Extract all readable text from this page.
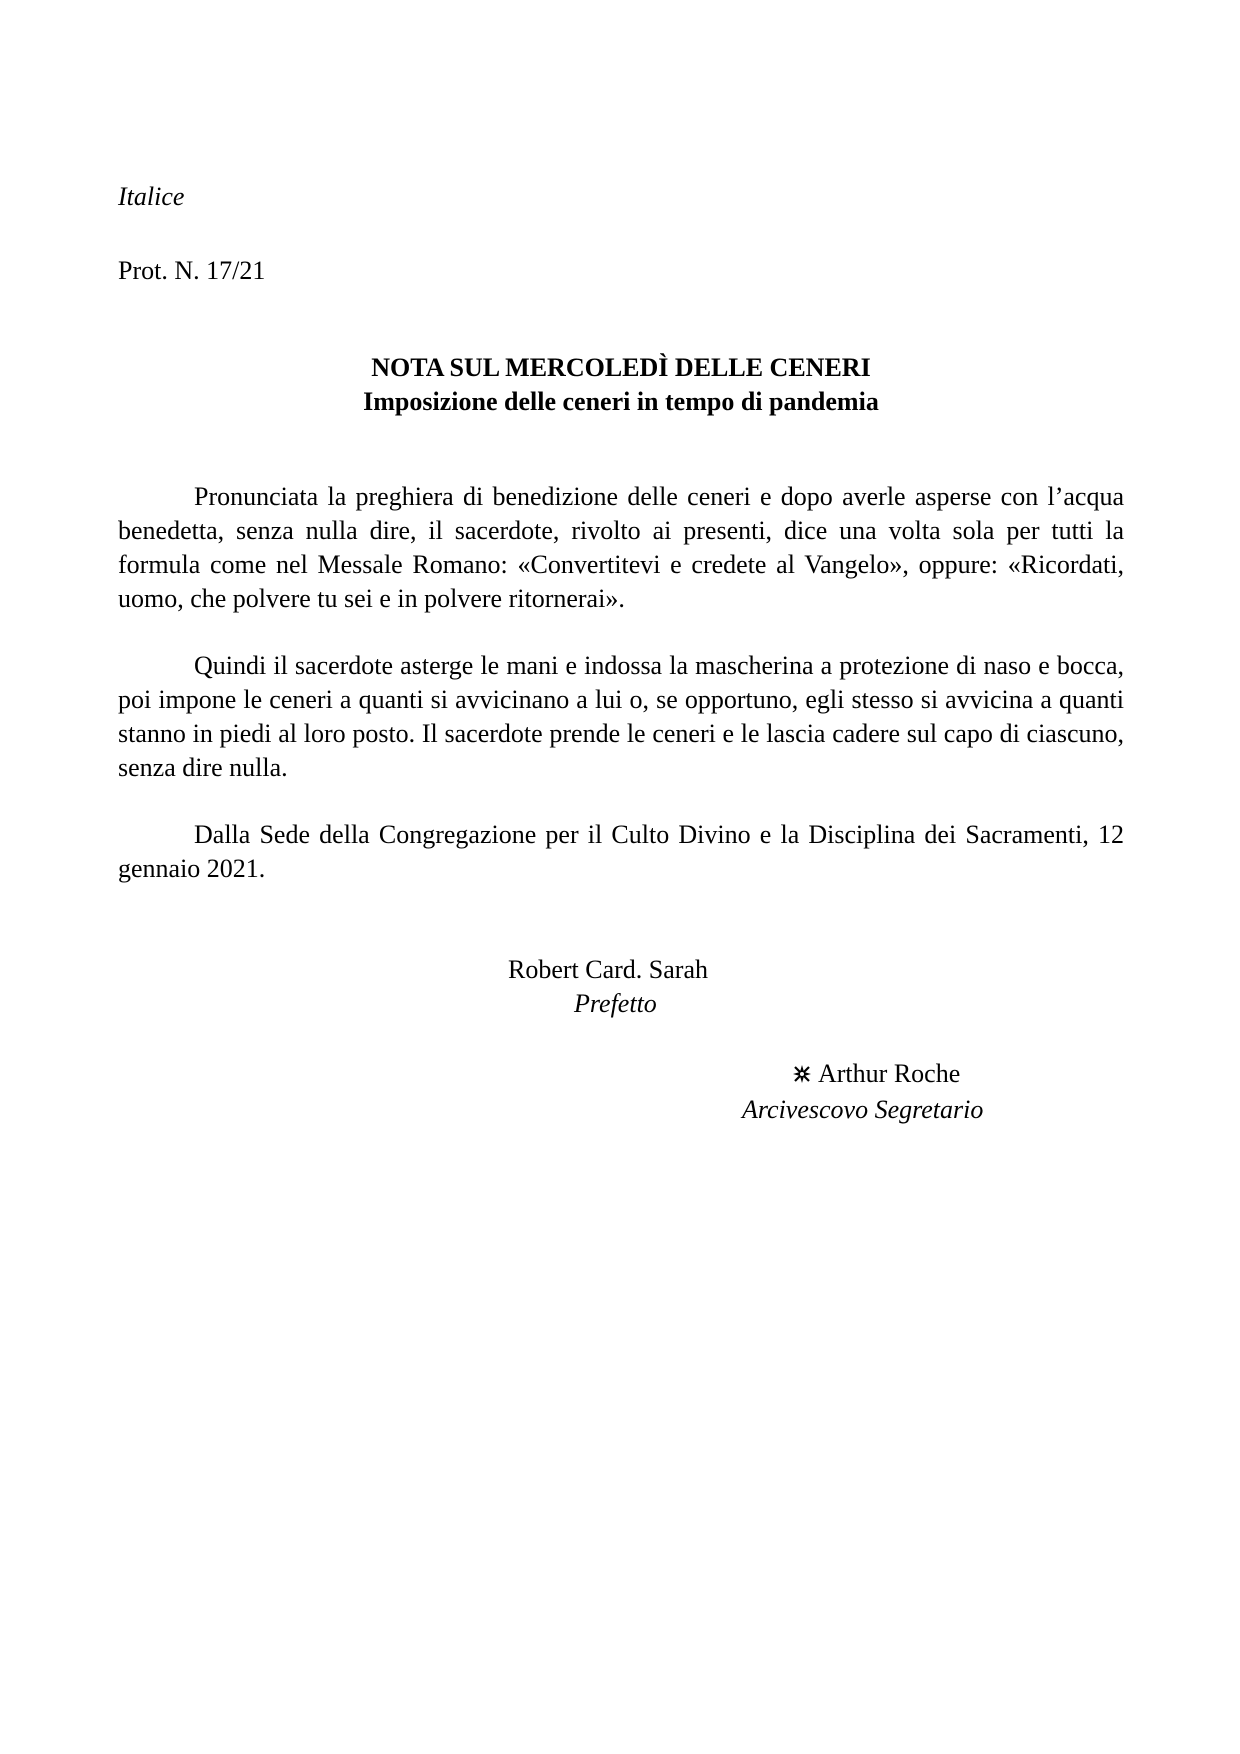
Italice
Prot. N. 17/21
NOTA SUL MERCOLEDÌ DELLE CENERI
Imposizione delle ceneri in tempo di pandemia

Pronunciata la preghiera di benedizione delle ceneri e dopo averle asperse con l’acqua benedetta, senza nulla dire, il sacerdote, rivolto ai presenti, dice una volta sola per tutti la formula come nel Messale Romano: «Convertitevi e credete al Vangelo», oppure: «Ricordati, uomo, che polvere tu sei e in polvere ritornerai».

Quindi il sacerdote asterge le mani e indossa la mascherina a protezione di naso e bocca, poi impone le ceneri a quanti si avvicinano a lui o, se opportuno, egli stesso si avvicina a quanti stanno in piedi al loro posto. Il sacerdote prende le ceneri e le lascia cadere sul capo di ciascuno, senza dire nulla.

Dalla Sede della Congregazione per il Culto Divino e la Disciplina dei Sacramenti, 12 gennaio 2021.

Robert Card. Sarah
Prefetto
Arthur Roche
Arcivescovo Segretario
